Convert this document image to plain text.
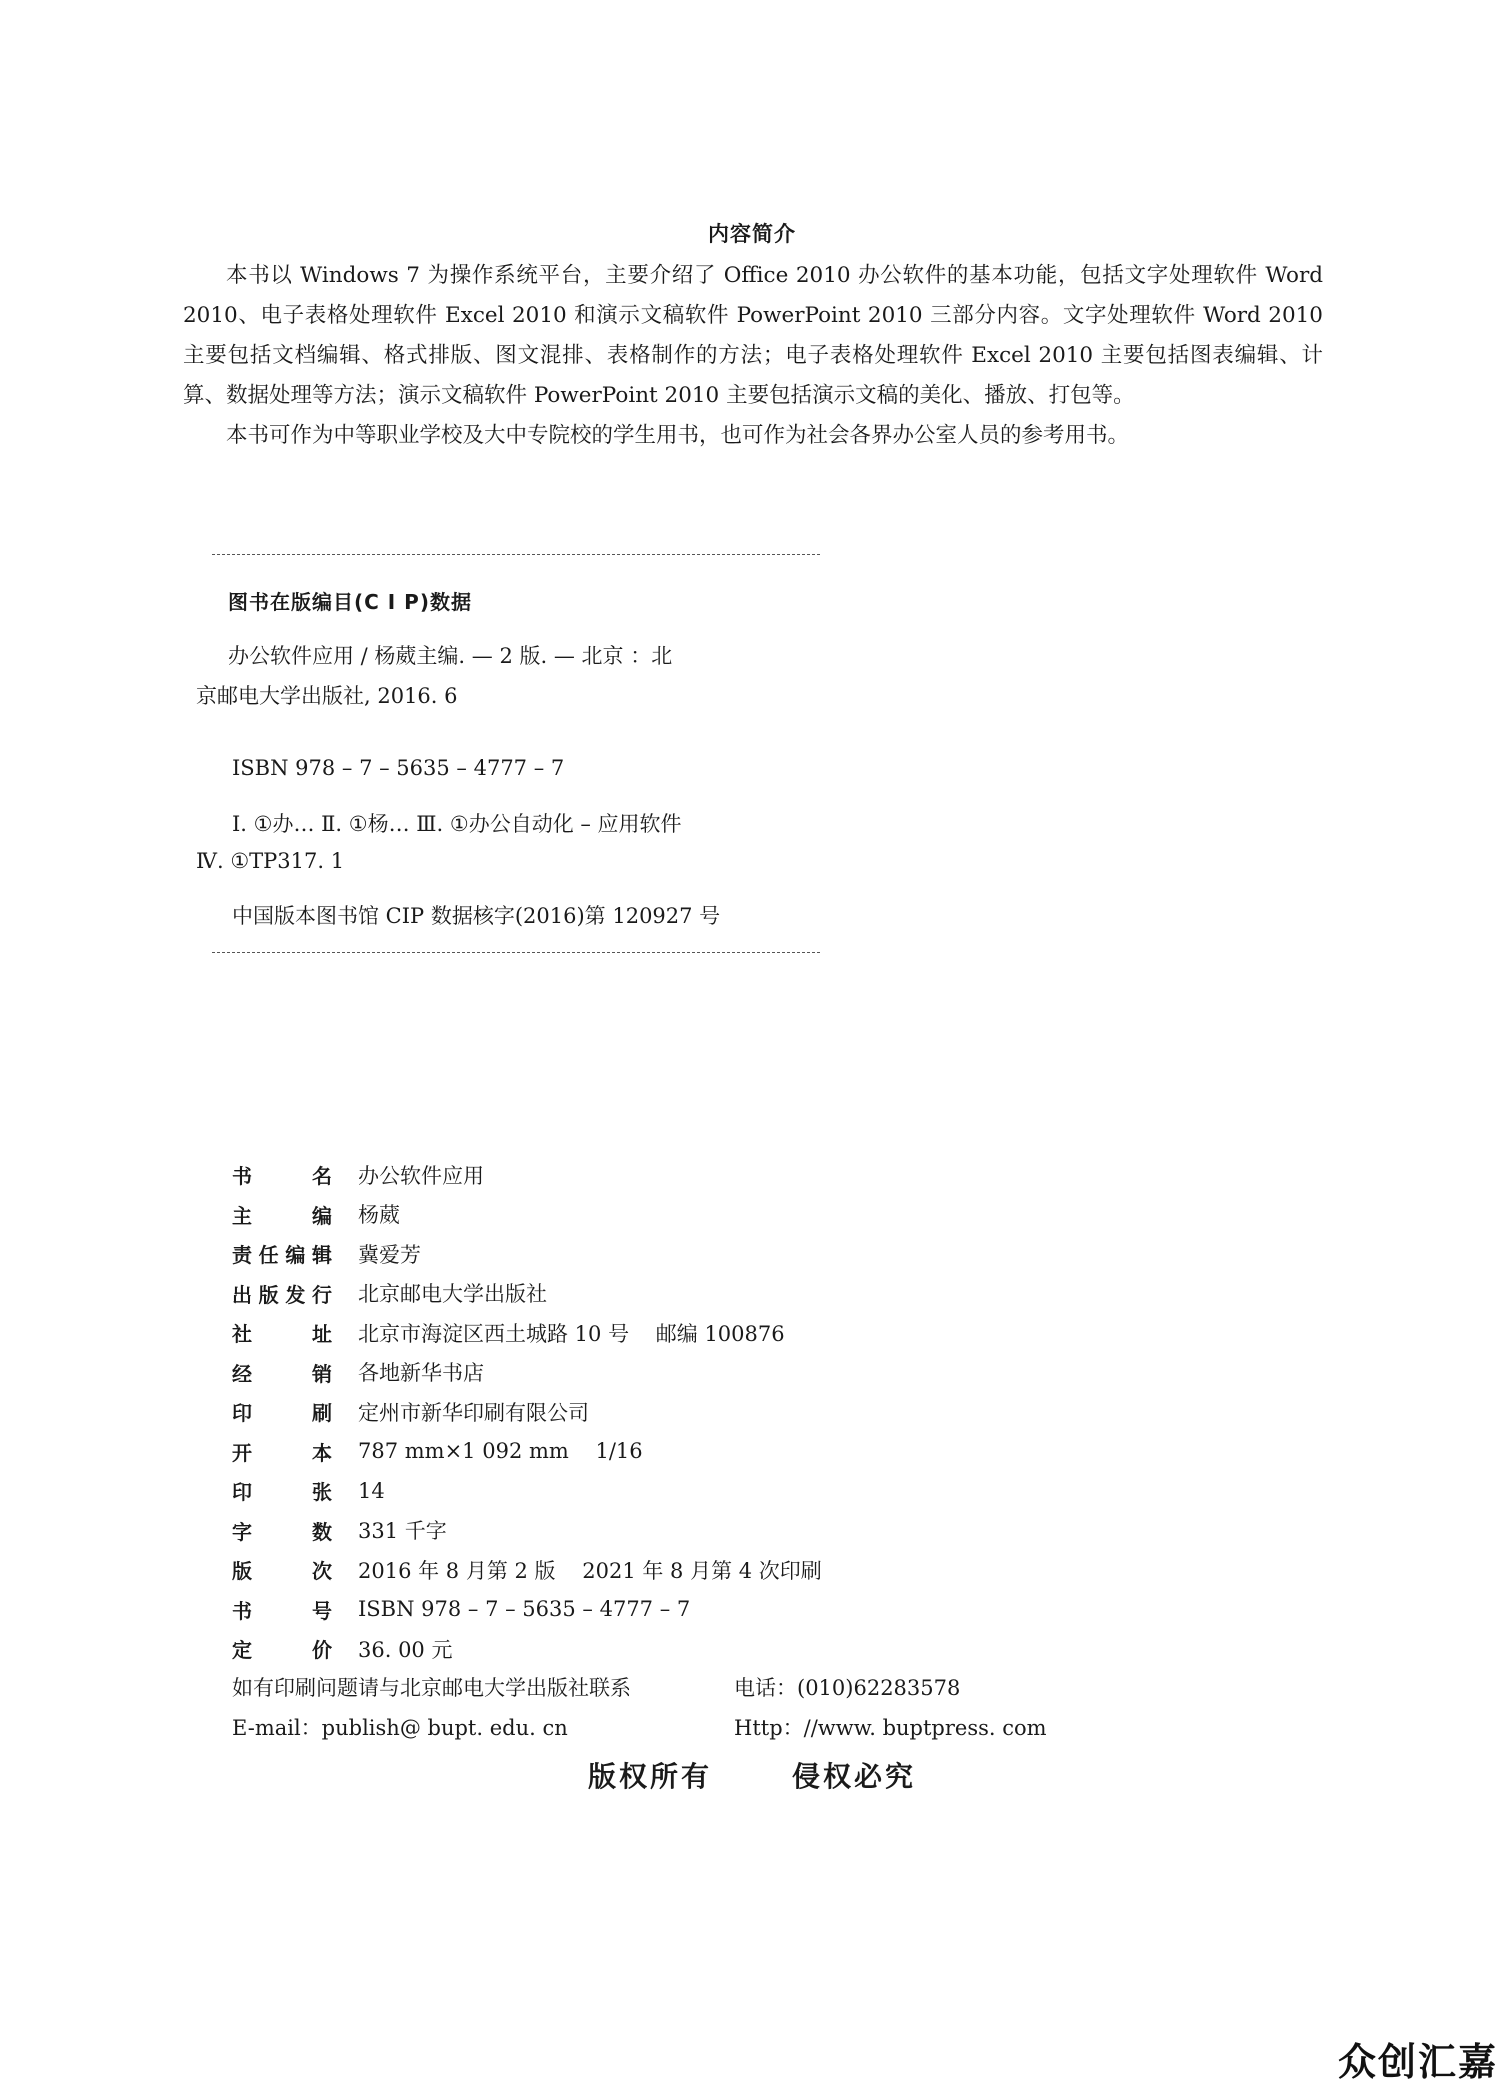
内容简介

本书以 Windows 7 为操作系统平台，主要介绍了 Office 2010 办公软件的基本功能，包括文字处理软件 Word 2010、电子表格处理软件 Excel 2010 和演示文稿软件 PowerPoint 2010 三部分内容。文字处理软件 Word 2010 主要包括文档编辑、格式排版、图文混排、表格制作的方法；电子表格处理软件 Excel 2010 主要包括图表编辑、计算、数据处理等方法；演示文稿软件 PowerPoint 2010 主要包括演示文稿的美化、播放、打包等。

本书可作为中等职业学校及大中专院校的学生用书，也可作为社会各界办公室人员的参考用书。

图书在版编目(C I P)数据
办公软件应用 / 杨葳主编. — 2 版. — 北京 ：北
京邮电大学出版社, 2016. 6
ISBN 978 – 7 – 5635 – 4777 – 7
Ⅰ. ①办… Ⅱ. ①杨… Ⅲ. ①办公自动化 – 应用软件
Ⅳ. ①TP317. 1
中国版本图书馆 CIP 数据核字(2016)第 120927 号
书名	办公软件应用
主编	杨葳
责任编辑	冀爱芳
出版发行	北京邮电大学出版社
社址	北京市海淀区西土城路 10 号    邮编 100876
经销	各地新华书店
印刷	定州市新华印刷有限公司
开本	787 mm×1 092 mm    1/16
印张	14
字数	331 千字
版次	2016 年 8 月第 2 版    2021 年 8 月第 4 次印刷
书号	ISBN 978 – 7 – 5635 – 4777 – 7
定价	36. 00 元
如有印刷问题请与北京邮电大学出版社联系	电话：(010)62283578
E-mail：publish@ bupt. edu. cn	Http：//www. buptpress. com
版权所有	侵权必究
众创汇嘉
